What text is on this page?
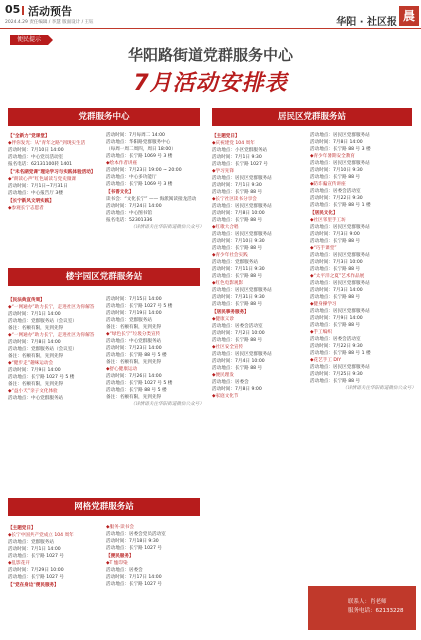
05 活动预告
2024.4.29 责任编辑 / 李慧 版面设计 / 王钰	华阳 · 社区报 晨
便民提示
华阳路街道党群服务中心
7月活动安排表
党群服务中心	居民区党群服务站
楼宇园区党群服务站
网格党群服务站
【"全新力"党课堂】
◆伴你发光：从“青年之路”到现实生活
活动时间：7月10日 14:00
活动地点：中心党员活动室
报名电话：62131100转 1401
【"未名湖党课"理论学习与实践体验活动】
◆“朗读心声”红色诵读与党史微课
活动时间：7月1日~7月31日
活动地点：中心报告厅 3楼
【长宁新风文明实践】
◆参观长宁志愿者
活动时间：7月每周二 14:00
活动地点：华阳路党群服务中心
（每周一周二周四，周日 18:00）
活动地点：长宁路 1069 号 3 楼
◆绘本作者讲座
活动时间：7月23日 19:00 ~ 20:00
活动地点：中心多功能厅
活动地点：长宁路 1069 号 3 楼
【书香文化】
读书会：“文化长宁” —— 海派阅读接龙活动
活动时间：7月24日 14:00
活动地点：中心图书馆
报名电话：52301336
（详情请关注华阳街道微信公众号）
【民法典宣传周】
◆“一网通办”助力长宁，走进社区为你解答
活动时间：7月1日 14:00
活动地点：党群服务站（会议室）
备注：名额有限，先到先得
◆“一网通办”助力长宁，走进社区为你解答
活动时间：7月8日 14:00
活动地点：党群服务站（会议室）
备注：名额有限，先到先得
◆“健步走”趣味运动会
活动时间：7月9日 14:00
活动地点：长宁路 1027 号 5 楼
备注：名额有限，先到先得
◆“益小天”亲子文化体验
活动地点：中心党群服务站
活动时间：7月15日 14:00
活动地点：长宁路 1027 号 5 楼
活动时间：7月19日 14:00
活动地点：党群服务站
备注：名额有限，先到先得
◆“绿色长宁”垃圾分类宣传
活动地点：中心党群服务站
活动时间：7月23日 14:00
活动地点：长宁路 88 号 5 楼
备注：名额有限，先到先得
◆舒心健康运动
活动时间：7月26日 14:00
活动地点：长宁路 1027 号 5 楼
活动地点：长宁路 88 号 5 楼
备注：名额有限，先到先得
（详情请关注华阳街道微信公众号）
【主题党日】
◆长宁中国共产党成立 104 周年
活动地点：党群服务站
活动时间：7月1日 14:00
活动地点：长宁路 1027 号
◆乱影花开
活动时间：7月29日 10:00
活动地点：长宁路 1027 号
【"党在身边"便民服务】
◆服务·读书会
活动地点：居委会党员活动室
活动时间：7月18日 9:30
活动地点：长宁路 1027 号
【便民服务】
◆T 恤印染
活动地点：居委会
活动时间：7月17日 14:00
活动地点：长宁路 1027 号
【主题党日】
◆庆祝建党 104 周年
活动地点：小区党群服务站
活动时间：7月1日 9:30
活动地点：长宁路 1027 号
◆学习先锋
活动地点：居民区党群服务站
活动时间：7月1日 9:30
活动地点：长宁路 88 号
◆长宁社区读书分享会
活动地点：居民区党群服务站
活动时间：7月8日 10:00
活动地点：长宁路 88 号
◆红歌大合唱
活动地点：居民区党群服务站
活动时间：7月10日 9:30
活动地点：长宁路 88 号
◆青少年社会实践
活动地点：党群服务站
活动时间：7月11日 9:30
活动地点：长宁路 88 号
◆红色电影观影
活动地点：居民区党群服务站
活动时间：7月31日 9:30
活动地点：长宁路 88 号
【居民事务服务】
◆健康义诊
活动地点：居委会活动室
活动时间：7月2日 10:00
活动地点：长宁路 88 号
◆社区安全宣传
活动地点：居民区党群服务站
活动时间：7月4日 10:00
活动地点：长宁路 88 号
◆便民理发
活动地点：居委会
活动时间：7月8日 9:00
◆家庭文化节
活动地点：居民区党群服务站
活动时间：7月8日 14:00
活动地点：长宁路 88 号 3 楼
◆青少年暑期安全教育
活动地点：居民区党群服务站
活动时间：7月10日 9:30
活动地点：长宁路 88 号
◆防诈骗宣传讲座
活动地点：居委会活动室
活动时间：7月22日 9:30
活动地点：长宁路 88 号 1 楼
【居民文化】
◆社区邻里手工坊
活动地点：居民区党群服务站
活动时间：7月3日 9:00
活动地点：长宁路 88 号
◆“巧手课堂”
活动地点：居民区党群服务站
活动时间：7月3日 10:00
活动地点：长宁路 88 号
◆“太平洋之夏”艺术作品展
活动地点：居民区党群服务站
活动时间：7月3日 14:00
活动地点：长宁路 88 号
◆健身操学习
活动地点：居民区党群服务站
活动时间：7月9日 14:00
活动地点：长宁路 88 号
◆手工编织
活动地点：居委会活动室
活动时间：7月22日 9:30
活动地点：长宁路 88 号 1 楼
◆花艺手工 DIY
活动地点：居民区党群服务站
活动时间：7月25日 9:30
活动地点：长宁路 88 号
（详情请关注华阳街道微信公众号）
联系人：肖老师
服务电话：62133228
